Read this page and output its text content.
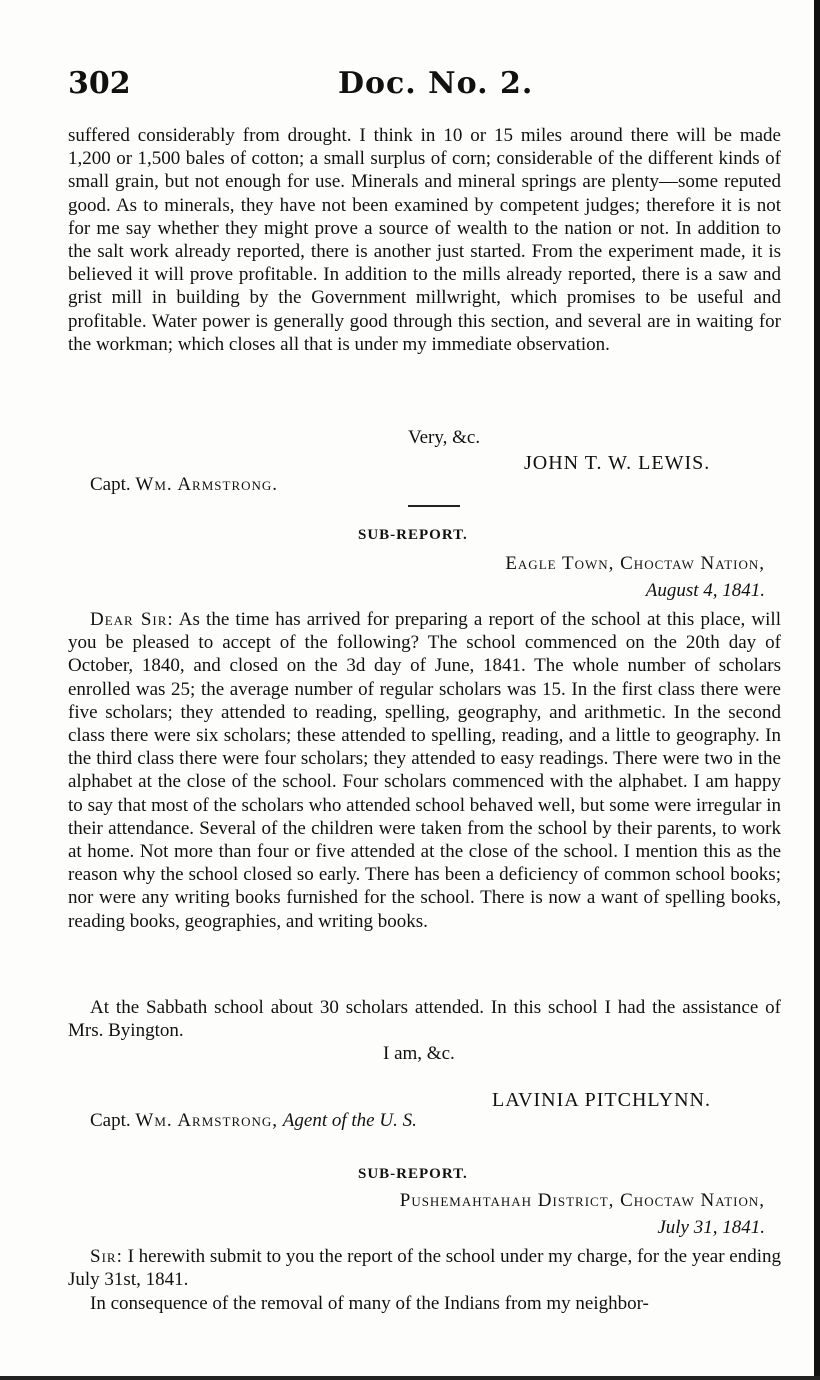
302	Doc. No. 2.

suffered considerably from drought. I think in 10 or 15 miles around there will be made 1,200 or 1,500 bales of cotton; a small surplus of corn; considerable of the different kinds of small grain, but not enough for use. Minerals and mineral springs are plenty—some reputed good. As to minerals, they have not been examined by competent judges; therefore it is not for me say whether they might prove a source of wealth to the nation or not. In addition to the salt work already reported, there is another just started. From the experiment made, it is believed it will prove profitable. In addition to the mills already reported, there is a saw and grist mill in building by the Government millwright, which promises to be useful and profitable. Water power is generally good through this section, and several are in waiting for the workman; which closes all that is under my immediate observation.

Very, &c.
JOHN T. W. LEWIS.
Capt. Wm. Armstrong.
SUB-REPORT.
Eagle Town, Choctaw Nation,
August 4, 1841.

Dear Sir: As the time has arrived for preparing a report of the school at this place, will you be pleased to accept of the following? The school commenced on the 20th day of October, 1840, and closed on the 3d day of June, 1841. The whole number of scholars enrolled was 25; the average number of regular scholars was 15. In the first class there were five scholars; they attended to reading, spelling, geography, and arithmetic. In the second class there were six scholars; these attended to spelling, reading, and a little to geography. In the third class there were four scholars; they attended to easy readings. There were two in the alphabet at the close of the school. Four scholars commenced with the alphabet. I am happy to say that most of the scholars who attended school behaved well, but some were irregular in their attendance. Several of the children were taken from the school by their parents, to work at home. Not more than four or five attended at the close of the school. I mention this as the reason why the school closed so early. There has been a deficiency of common school books; nor were any writing books furnished for the school. There is now a want of spelling books, reading books, geographies, and writing books.

At the Sabbath school about 30 scholars attended. In this school I had the assistance of Mrs. Byington.

I am, &c.
LAVINIA PITCHLYNN.
Capt. Wm. Armstrong, Agent of the U. S.
SUB-REPORT.
Pushemahtahah District, Choctaw Nation,
July 31, 1841.

Sir: I herewith submit to you the report of the school under my charge, for the year ending July 31st, 1841.

In consequence of the removal of many of the Indians from my neighbor-
